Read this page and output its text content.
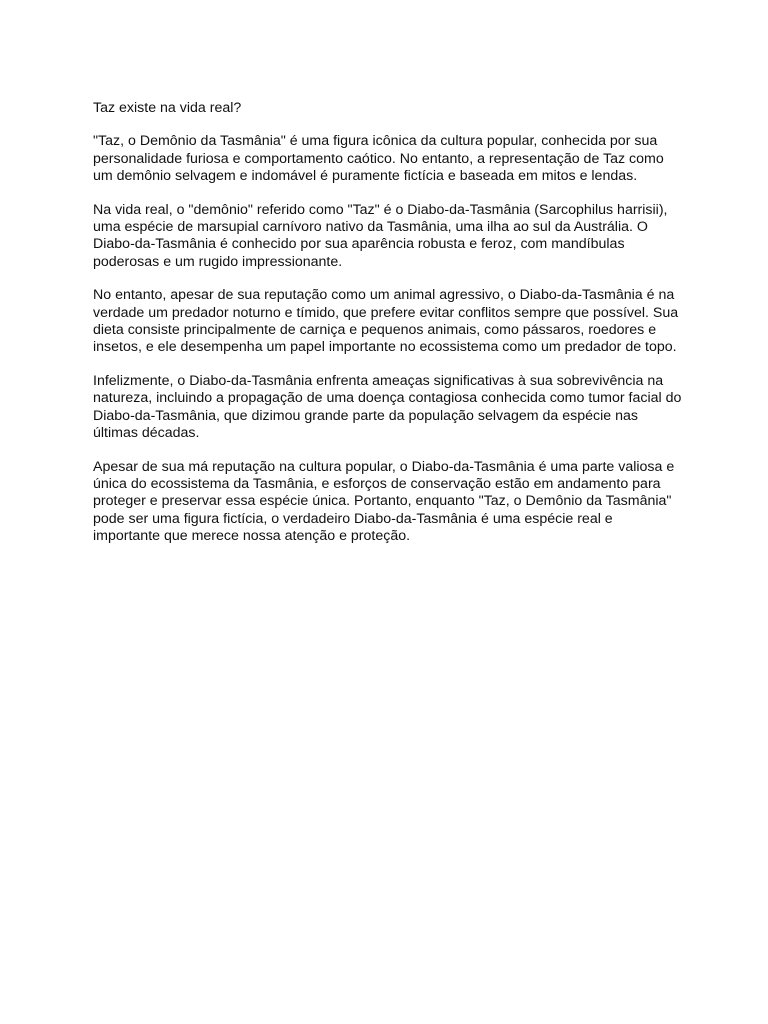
Taz existe na vida real?

"Taz, o Demônio da Tasmânia" é uma figura icônica da cultura popular, conhecida por sua personalidade furiosa e comportamento caótico. No entanto, a representação de Taz como um demônio selvagem e indomável é puramente fictícia e baseada em mitos e lendas.

Na vida real, o "demônio" referido como "Taz" é o Diabo-da-Tasmânia (Sarcophilus harrisii), uma espécie de marsupial carnívoro nativo da Tasmânia, uma ilha ao sul da Austrália. O Diabo-da-Tasmânia é conhecido por sua aparência robusta e feroz, com mandíbulas poderosas e um rugido impressionante.

No entanto, apesar de sua reputação como um animal agressivo, o Diabo-da-Tasmânia é na verdade um predador noturno e tímido, que prefere evitar conflitos sempre que possível. Sua dieta consiste principalmente de carniça e pequenos animais, como pássaros, roedores e insetos, e ele desempenha um papel importante no ecossistema como um predador de topo.

Infelizmente, o Diabo-da-Tasmânia enfrenta ameaças significativas à sua sobrevivência na natureza, incluindo a propagação de uma doença contagiosa conhecida como tumor facial do Diabo-da-Tasmânia, que dizimou grande parte da população selvagem da espécie nas últimas décadas.

Apesar de sua má reputação na cultura popular, o Diabo-da-Tasmânia é uma parte valiosa e única do ecossistema da Tasmânia, e esforços de conservação estão em andamento para proteger e preservar essa espécie única. Portanto, enquanto "Taz, o Demônio da Tasmânia" pode ser uma figura fictícia, o verdadeiro Diabo-da-Tasmânia é uma espécie real e importante que merece nossa atenção e proteção.
